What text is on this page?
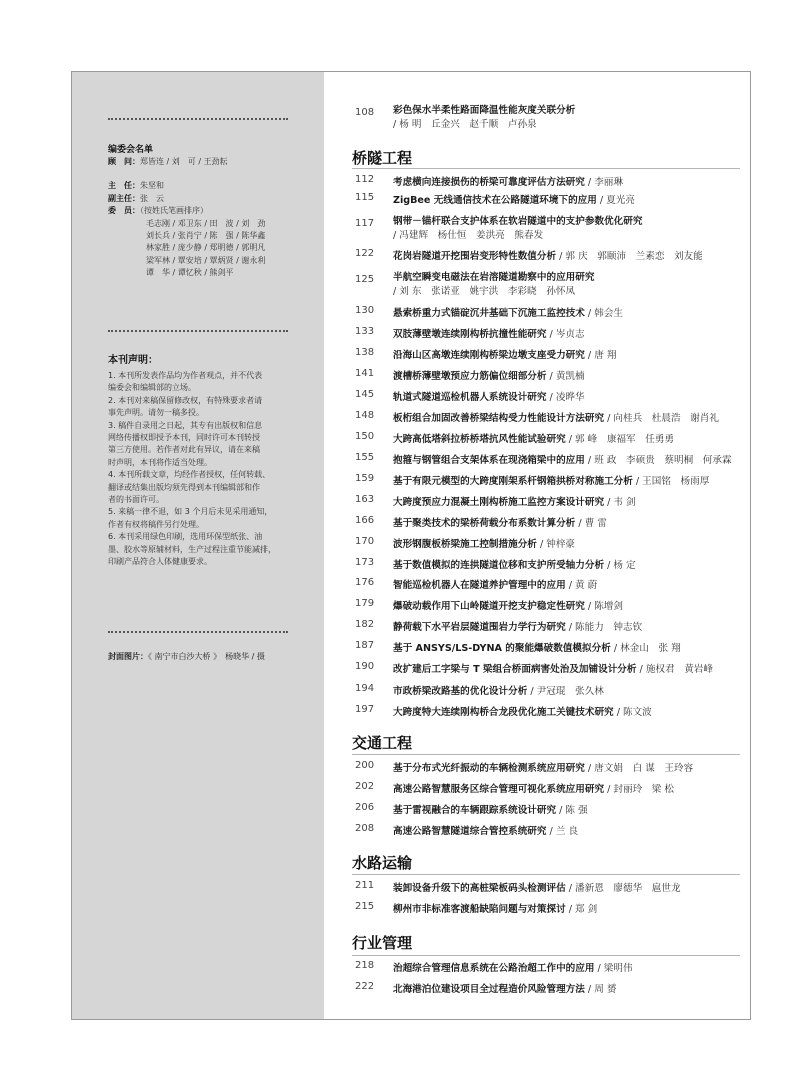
编委会名单
顾　问：郑皆连 / 刘　可 / 王劲耘
主　任：朱坚和
副主任：张　云
委　员：（按姓氏笔画排序）
毛志刚 / 邓卫东 / 田　波 / 刘　劲
刘长兵 / 张肖宁 / 陈　强 / 陈华鑫
林家胜 / 庞少静 / 郑明德 / 郭明凡
梁军林 / 覃安培 / 覃炳贤 / 谢永利
谭　华 / 谭忆秋 / 熊剑平
本刊声明：

1. 本刊所发表作品均为作者观点，并不代表

编委会和编辑部的立场。

2. 本刊对来稿保留修改权，有特殊要求者请

事先声明。请勿一稿多投。

3. 稿件自录用之日起，其专有出版权和信息

网络传播权即授予本刊，同时许可本刊转授

第三方使用。若作者对此有异议，请在来稿

时声明，本刊将作适当处理。

4. 本刊所载文章，均经作者授权，任何转载、

翻译或结集出版均须先得到本刊编辑部和作

者的书面许可。

5. 来稿一律不退，如 3 个月后未见采用通知，

作者有权将稿件另行处理。

6. 本刊采用绿色印刷，选用环保型纸张、油

墨、胶水等原辅材料，生产过程注重节能减排，

印刷产品符合人体健康要求。

封面图片：《 南宁市白沙大桥 》　杨晓华 / 摄
108	彩色保水半柔性路面降温性能灰度关联分析
/ 杨 明　丘金兴　赵千顺　卢孙泉
桥隧工程
112	考虑横向连接损伤的桥梁可靠度评估方法研究 / 李丽琳
115	ZigBee 无线通信技术在公路隧道环境下的应用 / 夏光亮
117	钢带－锚杆联合支护体系在软岩隧道中的支护参数优化研究
/ 冯建辉　杨仕恒　姜洪亮　熊春发
122	花岗岩隧道开挖围岩变形特性数值分析 / 郭 庆　郭颐沛　兰素恋　刘友能
125	半航空瞬变电磁法在岩溶隧道勘察中的应用研究
/ 刘 东　张诺亚　姚宇洪　李彩晓　孙怀凤
130	悬索桥重力式锚碇沉井基础下沉施工监控技术 / 韩会生
133	双肢薄壁墩连续刚构桥抗撞性能研究 / 岑贞志
138	沿海山区高墩连续刚构桥梁边墩支座受力研究 / 唐 翔
141	渡槽桥薄壁墩预应力筋偏位细部分析 / 黄凯楠
145	轨道式隧道巡检机器人系统设计研究 / 凌晔华
148	板桁组合加固改善桥梁结构受力性能设计方法研究 / 向桂兵　杜晨浩　谢肖礼
150	大跨高低塔斜拉桥桥塔抗风性能试验研究 / 郭 峰　康福军　任勇勇
155	抱箍与钢管组合支架体系在现浇箱梁中的应用 / 班 政　李硕贵　蔡明桐　何承霖
159	基于有限元模型的大跨度刚架系杆钢箱拱桥对称施工分析 / 王国铭　杨雨厚
163	大跨度预应力混凝土刚构桥施工监控方案设计研究 / 韦 剑
166	基于聚类技术的梁桥荷载分布系数计算分析 / 曹 雷
170	波形钢腹板桥梁施工控制措施分析 / 钟梓豪
173	基于数值模拟的连拱隧道位移和支护所受轴力分析 / 杨 定
176	智能巡检机器人在隧道养护管理中的应用 / 黄 蔚
179	爆破动载作用下山岭隧道开挖支护稳定性研究 / 陈增剑
182	静荷载下水平岩层隧道围岩力学行为研究 / 陈能力　钟志钦
187	基于 ANSYS/LS-DYNA 的聚能爆破数值模拟分析 / 林金山　张 翔
190	改扩建后工字梁与 T 梁组合桥面病害处治及加铺设计分析 / 施权君　黄岩峰
194	市政桥梁改路基的优化设计分析 / 尹冠琨　张久林
197	大跨度特大连续刚构桥合龙段优化施工关键技术研究 / 陈文波
交通工程
200	基于分布式光纤振动的车辆检测系统应用研究 / 唐文娟　白 谋　王玲容
202	高速公路智慧服务区综合管理可视化系统应用研究 / 封丽玲　梁 松
206	基于雷视融合的车辆跟踪系统设计研究 / 陈 强
208	高速公路智慧隧道综合管控系统研究 / 兰 良
水路运输
211	装卸设备升级下的高桩梁板码头检测评估 / 潘新恩　廖德华　扈世龙
215	柳州市非标准客渡船缺陷问题与对策探讨 / 郑 剑
行业管理
218	治超综合管理信息系统在公路治超工作中的应用 / 梁明伟
222	北海港泊位建设项目全过程造价风险管理方法 / 周 赟
